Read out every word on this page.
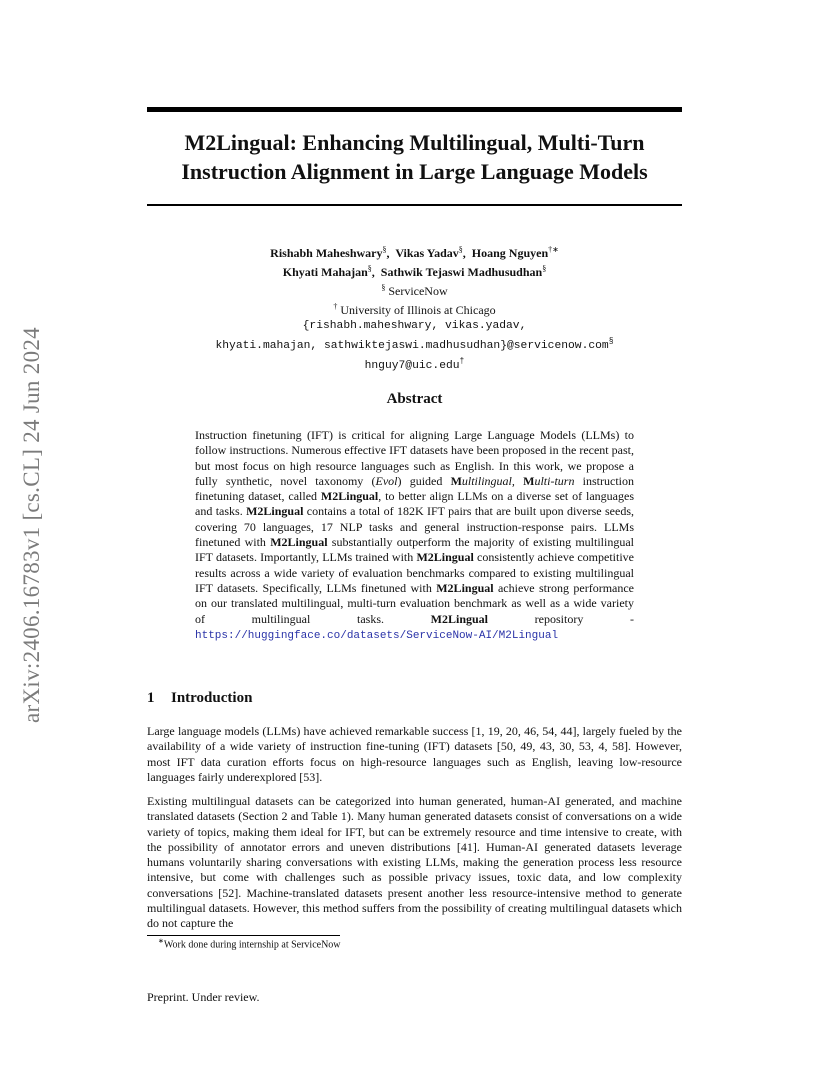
arXiv:2406.16783v1 [cs.CL] 24 Jun 2024
M2Lingual: Enhancing Multilingual, Multi-Turn
Instruction Alignment in Large Language Models
Rishabh Maheshwary§,  Vikas Yadav§,  Hoang Nguyen†∗
Khyati Mahajan§,  Sathwik Tejaswi Madhusudhan§
§ ServiceNow
† University of Illinois at Chicago
{rishabh.maheshwary, vikas.yadav,
khyati.mahajan, sathwiktejaswi.madhusudhan}@servicenow.com§
hnguy7@uic.edu†
Abstract
Instruction finetuning (IFT) is critical for aligning Large Language Models (LLMs) to follow instructions. Numerous effective IFT datasets have been proposed in the recent past, but most focus on high resource languages such as English. In this work, we propose a fully synthetic, novel taxonomy (Evol) guided Multilingual, Multi-turn instruction finetuning dataset, called M2Lingual, to better align LLMs on a diverse set of languages and tasks. M2Lingual contains a total of 182K IFT pairs that are built upon diverse seeds, covering 70 languages, 17 NLP tasks and general instruction-response pairs. LLMs finetuned with M2Lingual substantially outperform the majority of existing multilingual IFT datasets. Importantly, LLMs trained with M2Lingual consistently achieve competitive results across a wide variety of evaluation benchmarks compared to existing multilingual IFT datasets. Specifically, LLMs finetuned with M2Lingual achieve strong performance on our translated multilingual, multi-turn evaluation benchmark as well as a wide variety of multilingual tasks. M2Lingual repository - https://huggingface.co/datasets/ServiceNow-AI/M2Lingual
1 Introduction
Large language models (LLMs) have achieved remarkable success [1, 19, 20, 46, 54, 44], largely fueled by the availability of a wide variety of instruction fine-tuning (IFT) datasets [50, 49, 43, 30, 53, 4, 58]. However, most IFT data curation efforts focus on high-resource languages such as English, leaving low-resource languages fairly underexplored [53].
Existing multilingual datasets can be categorized into human generated, human-AI generated, and machine translated datasets (Section 2 and Table 1). Many human generated datasets consist of conversations on a wide variety of topics, making them ideal for IFT, but can be extremely resource and time intensive to create, with the possibility of annotator errors and uneven distributions [41]. Human-AI generated datasets leverage humans voluntarily sharing conversations with existing LLMs, making the generation process less resource intensive, but come with challenges such as possible privacy issues, toxic data, and low complexity conversations [52]. Machine-translated datasets present another less resource-intensive method to generate multilingual datasets. However, this method suffers from the possibility of creating multilingual datasets which do not capture the
∗Work done during internship at ServiceNow
Preprint. Under review.
